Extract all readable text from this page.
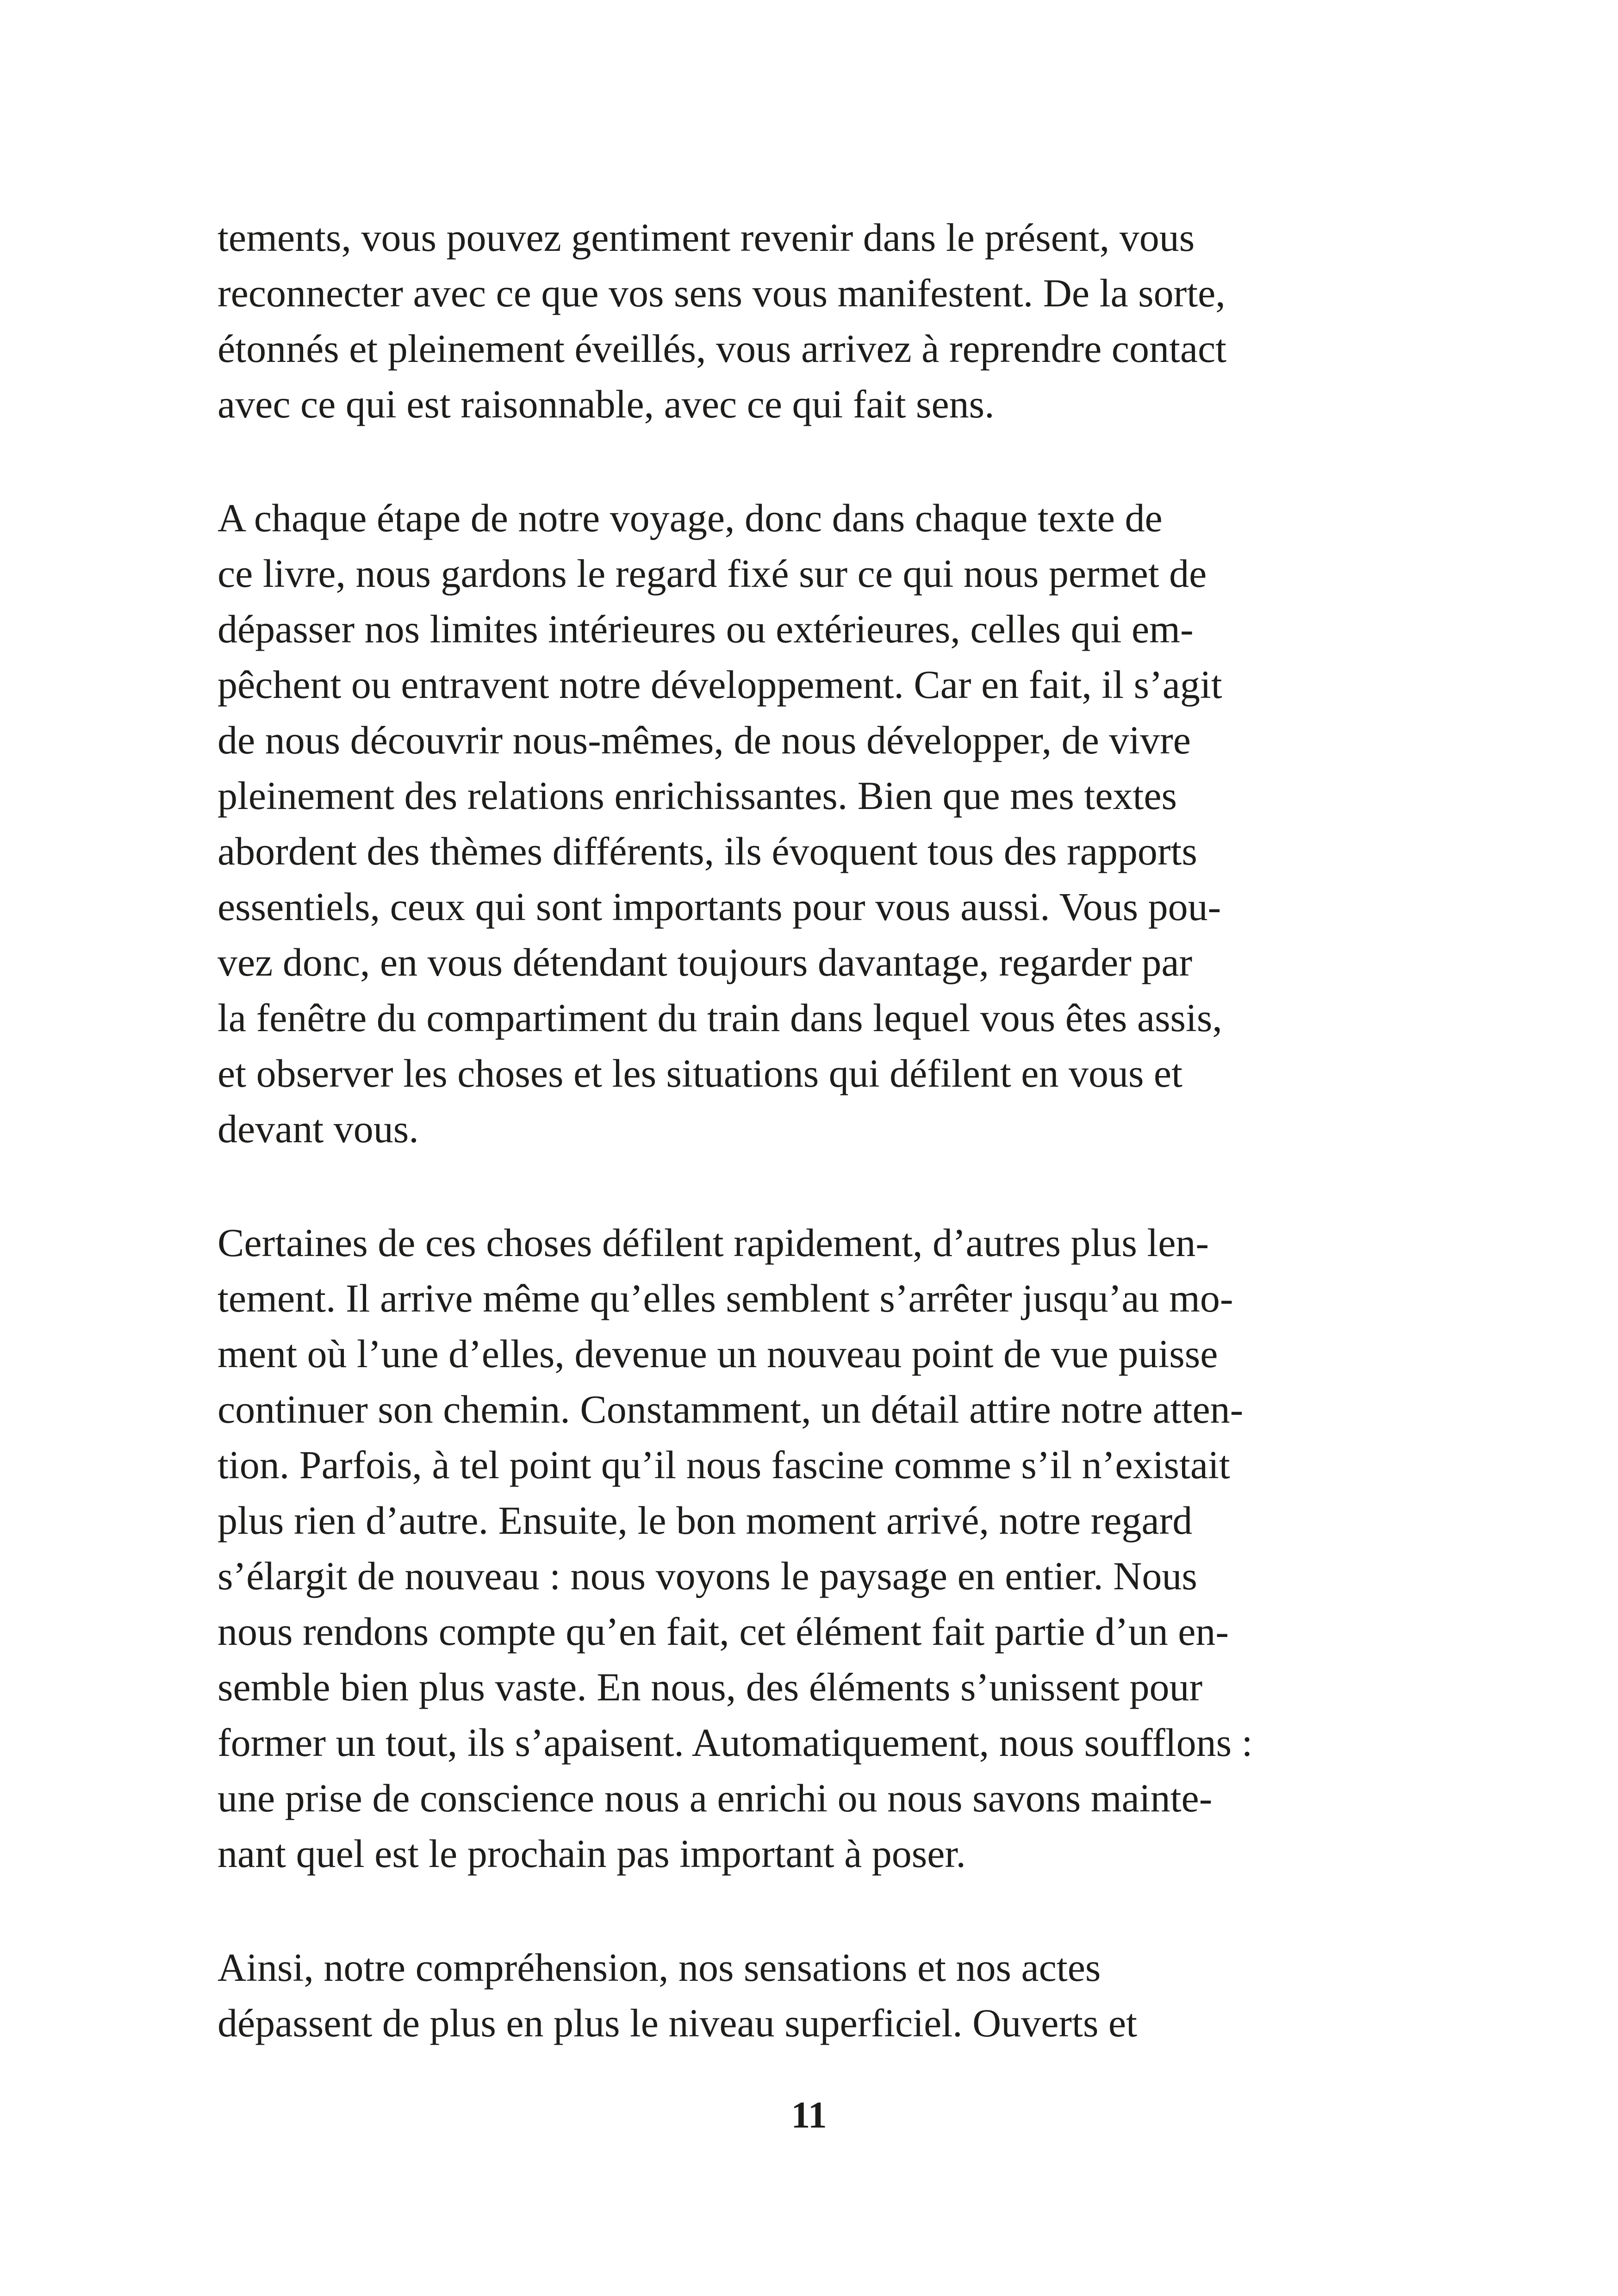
tements, vous pouvez gentiment revenir dans le présent, vous
reconnecter avec ce que vos sens vous manifestent. De la sorte,
étonnés et pleinement éveillés, vous arrivez à reprendre contact
avec ce qui est raisonnable, avec ce qui fait sens.
A chaque étape de notre voyage, donc dans chaque texte de
ce livre, nous gardons le regard fixé sur ce qui nous permet de
dépasser nos limites intérieures ou extérieures, celles qui em-
pêchent ou entravent notre développement. Car en fait, il s’agit
de nous découvrir nous-mêmes, de nous développer, de vivre
pleinement des relations enrichissantes. Bien que mes textes
abordent des thèmes différents, ils évoquent tous des rapports
essentiels, ceux qui sont importants pour vous aussi. Vous pou-
vez donc, en vous détendant toujours davantage, regarder par
la fenêtre du compartiment du train dans lequel vous êtes assis,
et observer les choses et les situations qui défilent en vous et
devant vous.
Certaines de ces choses défilent rapidement, d’autres plus len-
tement. Il arrive même qu’elles semblent s’arrêter jusqu’au mo-
ment où l’une d’elles, devenue un nouveau point de vue puisse
continuer son chemin. Constamment, un détail attire notre atten-
tion. Parfois, à tel point qu’il nous fascine comme s’il n’existait
plus rien d’autre. Ensuite, le bon moment arrivé, notre regard
s’élargit de nouveau : nous voyons le paysage en entier. Nous
nous rendons compte qu’en fait, cet élément fait partie d’un en-
semble bien plus vaste. En nous, des éléments s’unissent pour
former un tout, ils s’apaisent. Automatiquement, nous soufflons :
une prise de conscience nous a enrichi ou nous savons mainte-
nant quel est le prochain pas important à poser.
Ainsi, notre compréhension, nos sensations et nos actes
dépassent de plus en plus le niveau superficiel. Ouverts et
11
